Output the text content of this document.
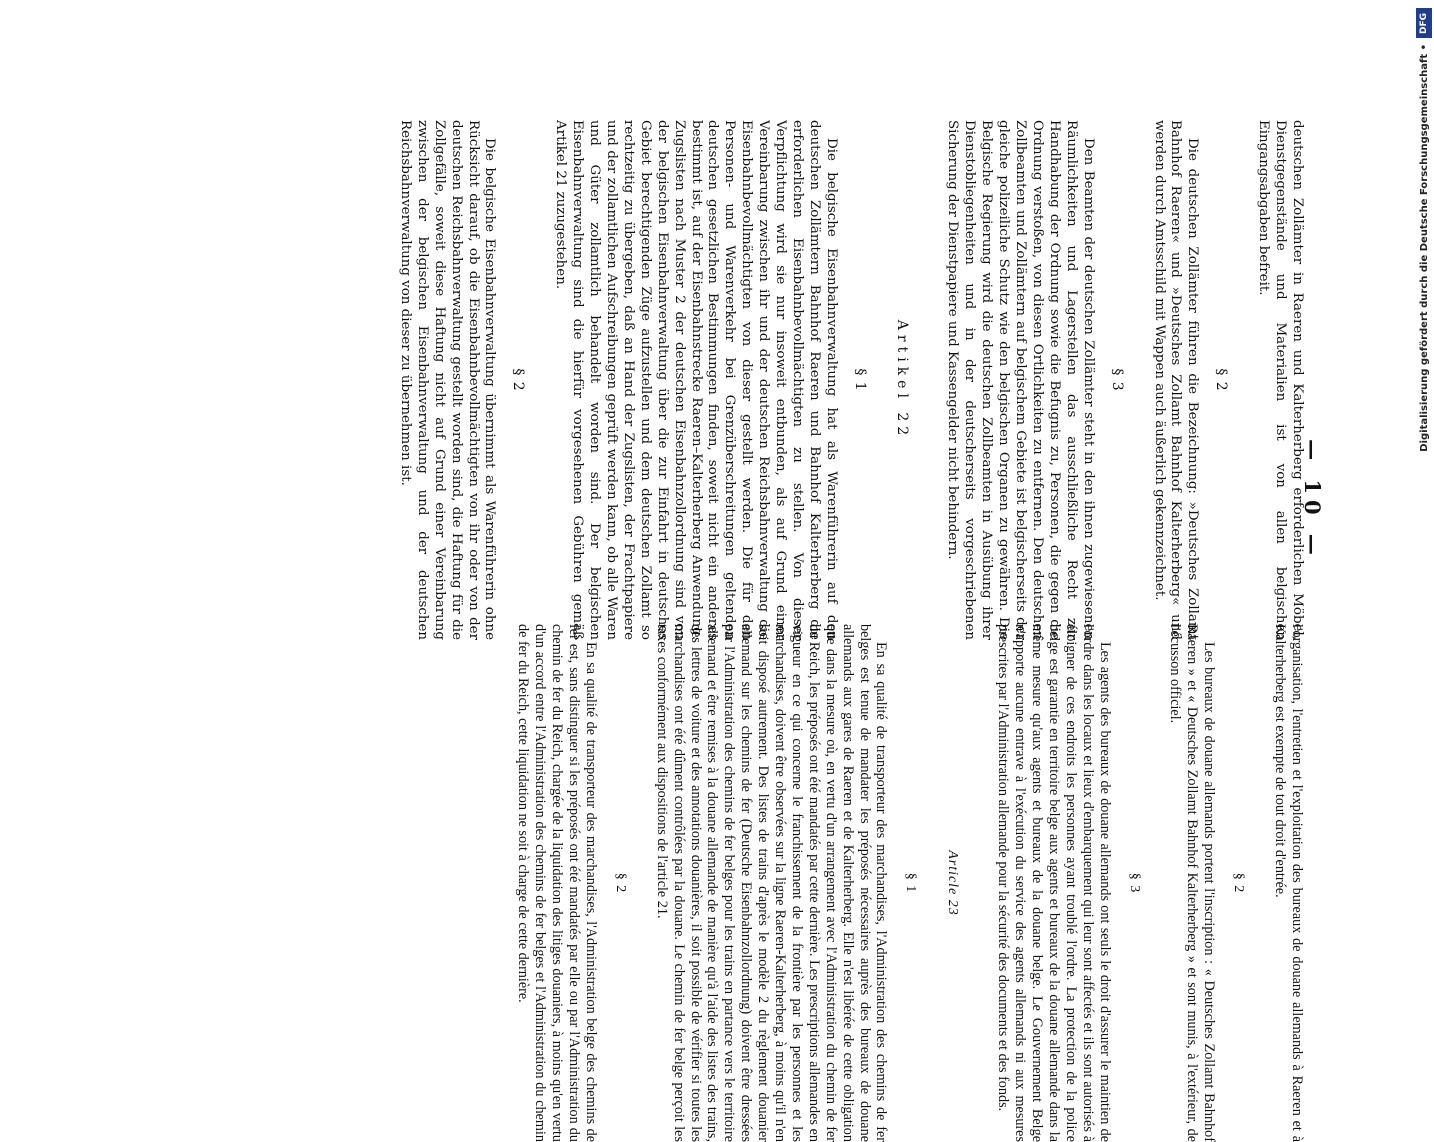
— 10 —

deutschen Zollämter in Raeren und Kalterherberg erforderlichen Möbel, Dienstgegenstände und Materialien ist von allen belgischen Eingangsabgaben befreit.

§ 2

Die deutschen Zollämter führen die Bezeichnung: »Deutsches Zollamt Bahnhof Raeren« und »Deutsches Zollamt Bahnhof Kalterherberg« und werden durch Amtsschild mit Wappen auch äußerlich gekennzeichnet.

§ 3

Den Beamten der deutschen Zollämter steht in den ihnen zugewiesenen Räumlichkeiten und Lagerstellen das ausschließliche Recht zur Handhabung der Ordnung sowie die Befugnis zu, Personen, die gegen die Ordnung verstoßen, von diesen Ortlichkeiten zu entfernen. Den deutschen Zollbeamten und Zollämtern auf belgischem Gebiete ist belgischerseits der gleiche polizeiliche Schutz wie den belgischen Organen zu gewähren. Die Belgische Regierung wird die deutschen Zollbeamten in Ausübung ihrer Dienstobliegenheiten und in der deutscherseits vorgeschriebenen Sicherung der Dienstpapiere und Kassengelder nicht behindern.

Artikel 22
§ 1

Die belgische Eisenbahnverwaltung hat als Warenführerin auf den deutschen Zollämtern Bahnhof Raeren und Bahnhof Kalterherberg die erforderlichen Eisenbahnbevollmächtigten zu stellen. Von dieser Verpflichtung wird sie nur insoweit entbunden, als auf Grund einer Vereinbarung zwischen ihr und der deutschen Reichsbahnverwaltung die Eisenbahnbevollmächtigten von dieser gestellt werden. Die für den Personen- und Warenverkehr bei Grenzüberschreitungen geltenden deutschen gesetzlichen Bestimmungen finden, soweit nicht ein anderes bestimmt ist, auf der Eisenbahnstrecke Raeren–Kalterherberg Anwendung. Zugslisten nach Muster 2 der deutschen Eisenbahnzollordnung sind von der belgischen Eisenbahnverwaltung über die zur Einfahrt in deutsches Gebiet berechtigenden Züge aufzustellen und dem deutschen Zollamt so rechtzeitig zu übergeben, daß an Hand der Zugslisten, der Frachtpapiere und der zollamtlichen Aufschreibungen geprüft werden kann, ob alle Waren und Güter zollamtlich behandelt worden sind. Der belgischen Eisenbahnverwaltung sind die hierfür vorgesehenen Gebühren gemäß Artikel 21 zuzugestehen.

§ 2

Die belgische Eisenbahnverwaltung übernimmt als Warenführerin ohne Rücksicht darauf, ob die Eisenbahnbevollmächtigten von ihr oder von der deutschen Reichsbahnverwaltung gestellt worden sind, die Haftung für die Zollgefälle, soweit diese Haftung nicht auf Grund einer Vereinbarung zwischen der belgischen Eisenbahnverwaltung und der deutschen Reichsbahnverwaltung von dieser zu übernehmen ist.

l'organisation, l'entretien et l'exploitation des bureaux de douane allemands à Raeren et à Kalterherberg est exempte de tout droit d'entrée.

§ 2

Les bureaux de douane allemands portent l'inscription : « Deutsches Zollamt Bahnhof Raeren » et « Deutsches Zollamt Bahnhof Kalterherberg » et sont munis, à l'extérieur, de l'écusson officiel.

§ 3

Les agents des bureaux de douane allemands ont seuls le droit d'assurer le maintien de l'ordre dans les locaux et lieux d'embarquement qui leur sont affectés et ils sont autorisés à éloigner de ces endroits les personnes ayant troublé l'ordre. La protection de la police belge est garantie en territoire belge aux agents et bureaux de la douane allemande dans la même mesure qu'aux agents et bureaux de la douane belge. Le Gouvernement Belge n'apporte aucune entrave à l'exécution du service des agents allemands ni aux mesures prescrites par l'Administration allemande pour la sécurité des documents et des fonds.

Article 23
§ 1

En sa qualité de transporteur des marchandises, l'Administration des chemins de fer belges est tenue de mandater les préposés nécessaires auprès des bureaux de douane allemands aux gares de Raeren et de Kalterherberg. Elle n'est libérée de cette obligation que dans la mesure où, en vertu d'un arrangement avec l'Administration du chemin de fer du Reich, les préposés ont été mandatés par cette dernière. Les prescriptions allemandes en vigueur en ce qui concerne le franchissement de la frontière par les personnes et les marchandises, doivent être observées sur la ligne Raeren-Kalterherberg, à moins qu'il n'en soit disposé autrement. Des listes de trains d'après le modèle 2 du règlement douanier allemand sur les chemins de fer (Deutsche Eisenbahnzollordnung) doivent être dressées par l'Administration des chemins de fer belges pour les trains en partance vers le territoire allemand et être remises à la douane allemande de manière qu'à l'aide des listes des trains, des lettres de voiture et des annotations douanières, il soit possible de vérifier si toutes les marchandises ont été dûment contrôlées par la douane. Le chemin de fer belge perçoit les taxes conformément aux dispositions de l'article 21.

§ 2

En sa qualité de transporteur des marchandises, l'Administration belge des chemins de fer est, sans distinguer si les préposés ont été mandatés par elle ou par l'Administration du chemin de fer du Reich, chargée de la liquidation des litiges douaniers, à moins qu'en vertu d'un accord entre l'Administration des chemins de fer belges et l'Administration du chemin de fer du Reich, cette liquidation ne soit à charge de cette dernière.

DFG
Digitalisierung gefördert durch die Deutsche Forschungsgemeinschaft •
